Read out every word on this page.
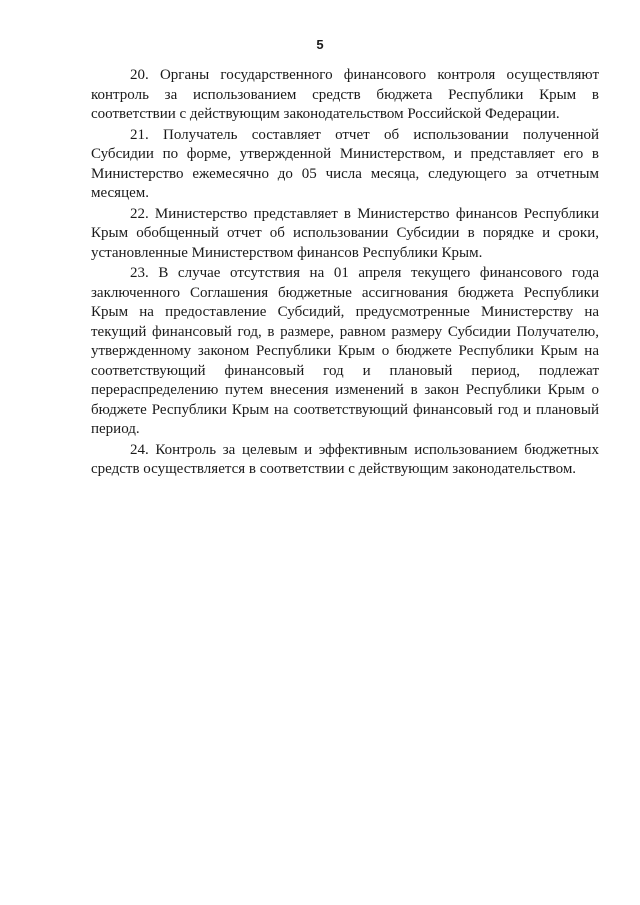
5

20. Органы государственного финансового контроля осуществляют контроль за использованием средств бюджета Республики Крым в соответствии с действующим законодательством Российской Федерации.

21. Получатель составляет отчет об использовании полученной Субсидии по форме, утвержденной Министерством, и представляет его в Министерство ежемесячно до 05 числа месяца, следующего за отчетным месяцем.

22. Министерство представляет в Министерство финансов Республики Крым обобщенный отчет об использовании Субсидии в порядке и сроки, установленные Министерством финансов Республики Крым.

23. В случае отсутствия на 01 апреля текущего финансового года заключенного Соглашения бюджетные ассигнования бюджета Республики Крым на предоставление Субсидий, предусмотренные Министерству на текущий финансовый год, в размере, равном размеру Субсидии Получателю, утвержденному законом Республики Крым о бюджете Республики Крым на соответствующий финансовый год и плановый период, подлежат перераспределению путем внесения изменений в закон Республики Крым о бюджете Республики Крым на соответствующий финансовый год и плановый период.

24. Контроль за целевым и эффективным использованием бюджетных средств осуществляется в соответствии с действующим законодательством.
